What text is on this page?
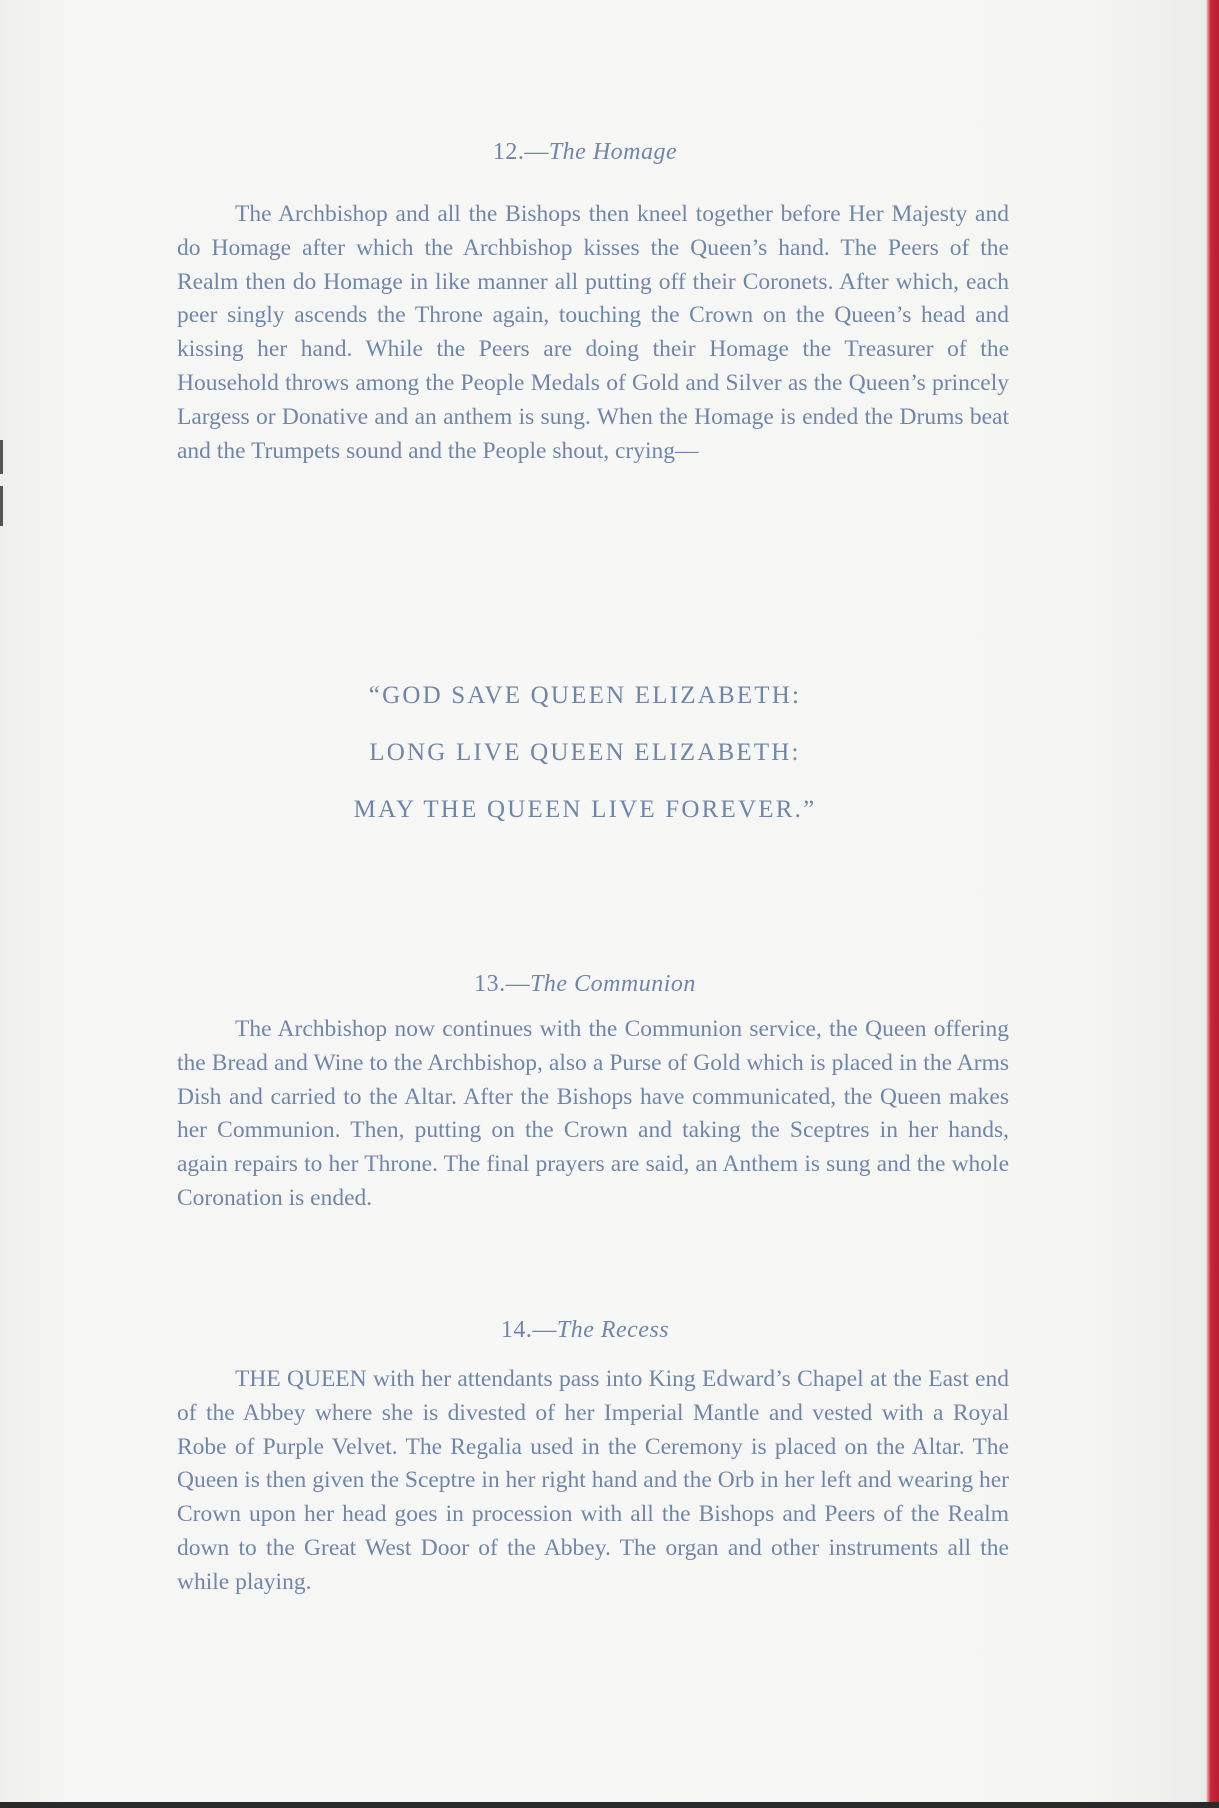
12.—The Homage
The Archbishop and all the Bishops then kneel together before Her Majesty and do Homage after which the Archbishop kisses the Queen’s hand. The Peers of the Realm then do Homage in like manner all putting off their Coronets. After which, each peer singly ascends the Throne again, touching the Crown on the Queen’s head and kissing her hand. While the Peers are doing their Homage the Treasurer of the Household throws among the People Medals of Gold and Silver as the Queen’s princely Largess or Donative and an anthem is sung. When the Homage is ended the Drums beat and the Trumpets sound and the People shout, crying—
“GOD SAVE QUEEN ELIZABETH:
LONG LIVE QUEEN ELIZABETH:
MAY THE QUEEN LIVE FOREVER.”
13.—The Communion
The Archbishop now continues with the Communion service, the Queen offering the Bread and Wine to the Archbishop, also a Purse of Gold which is placed in the Arms Dish and carried to the Altar. After the Bishops have communicated, the Queen makes her Communion. Then, putting on the Crown and taking the Sceptres in her hands, again repairs to her Throne. The final prayers are said, an Anthem is sung and the whole Coronation is ended.
14.—The Recess
THE QUEEN with her attendants pass into King Edward’s Chapel at the East end of the Abbey where she is divested of her Imperial Mantle and vested with a Royal Robe of Purple Velvet. The Regalia used in the Ceremony is placed on the Altar. The Queen is then given the Sceptre in her right hand and the Orb in her left and wearing her Crown upon her head goes in procession with all the Bishops and Peers of the Realm down to the Great West Door of the Abbey. The organ and other instruments all the while playing.
